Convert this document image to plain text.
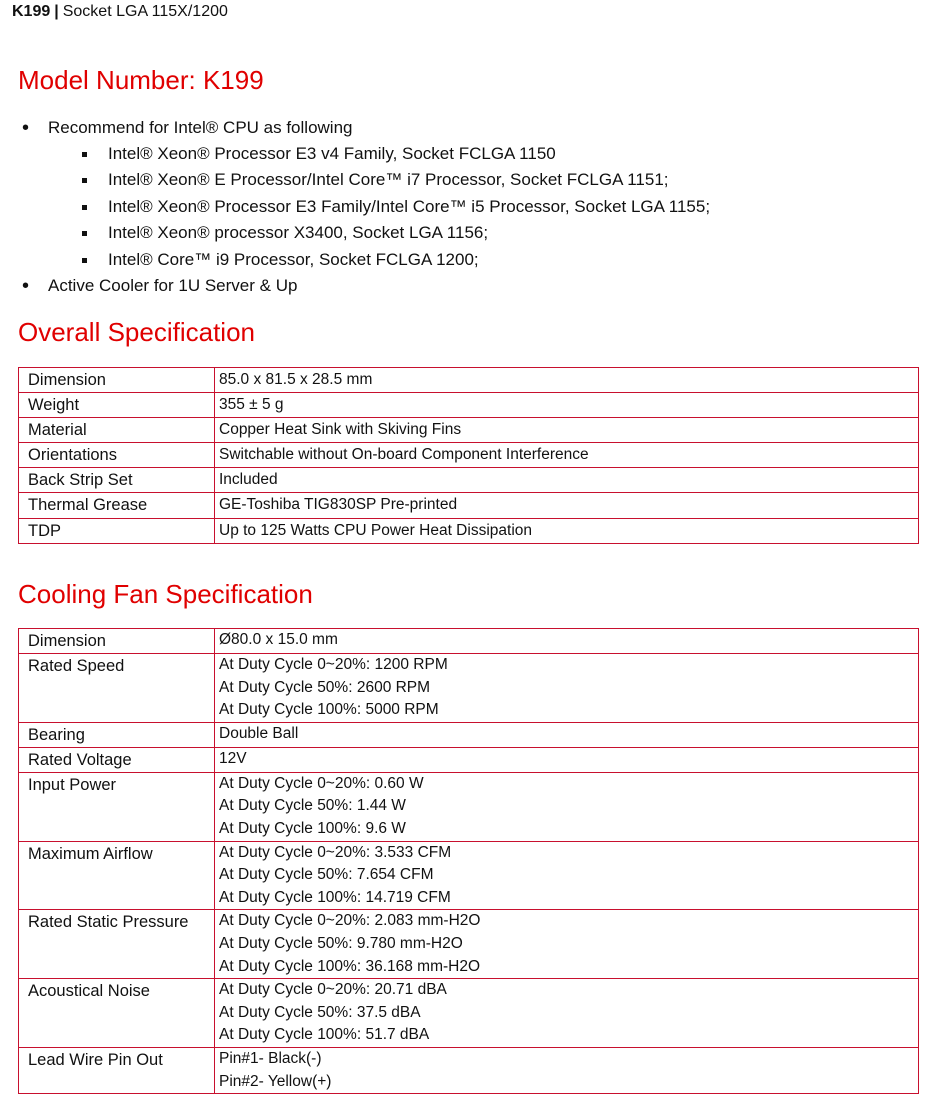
K199 | Socket LGA 115X/1200
Model Number: K199
• Recommend for Intel® CPU as following
Intel® Xeon® Processor E3 v4 Family, Socket FCLGA 1150
Intel® Xeon® E Processor/Intel Core™ i7 Processor, Socket FCLGA 1151;
Intel® Xeon® Processor E3 Family/Intel Core™ i5 Processor, Socket LGA 1155;
Intel® Xeon® processor X3400, Socket LGA 1156;
Intel® Core™ i9 Processor, Socket FCLGA 1200;
• Active Cooler for 1U Server & Up
Overall Specification
Dimension	85.0 x 81.5 x 28.5 mm
Weight	355 ± 5 g
Material	Copper Heat Sink with Skiving Fins
Orientations	Switchable without On-board Component Interference
Back Strip Set	Included
Thermal Grease	GE-Toshiba TIG830SP Pre-printed
TDP	Up to 125 Watts CPU Power Heat Dissipation
Cooling Fan Specification
Dimension	Ø80.0 x 15.0 mm

Rated Speed	At Duty Cycle 0~20%: 1200 RPM
At Duty Cycle 50%: 2600 RPM
At Duty Cycle 100%: 5000 RPM

Bearing	Double Ball

Rated Voltage	12V

Input Power	At Duty Cycle 0~20%: 0.60 W
At Duty Cycle 50%: 1.44 W
At Duty Cycle 100%: 9.6 W

Maximum Airflow	At Duty Cycle 0~20%: 3.533 CFM
At Duty Cycle 50%: 7.654 CFM
At Duty Cycle 100%: 14.719 CFM

Rated Static Pressure	At Duty Cycle 0~20%: 2.083 mm-H2O
At Duty Cycle 50%: 9.780 mm-H2O
At Duty Cycle 100%: 36.168 mm-H2O

Acoustical Noise	At Duty Cycle 0~20%: 20.71 dBA
At Duty Cycle 50%: 37.5 dBA
At Duty Cycle 100%: 51.7 dBA

Lead Wire Pin Out	Pin#1- Black(-)
Pin#2- Yellow(+)
